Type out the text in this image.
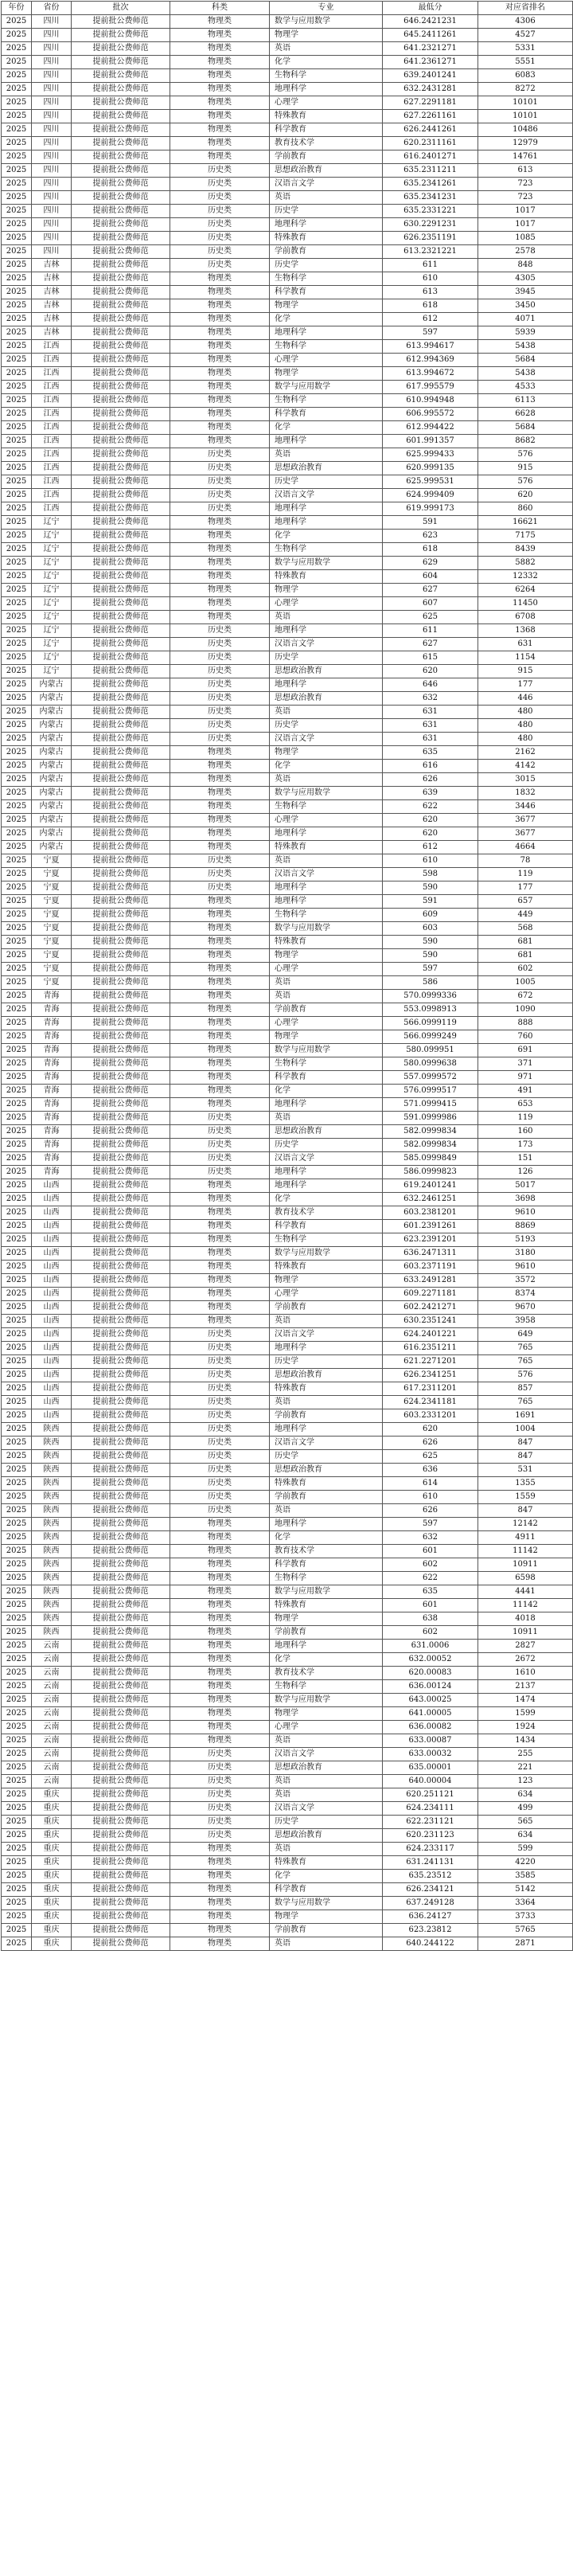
年份	省份	批次	科类	专业	最低分	对应省排名
2025	四川	提前批公费师范	物理类	数学与应用数学	646.2421231	4306
2025	四川	提前批公费师范	物理类	物理学	645.2411261	4527
2025	四川	提前批公费师范	物理类	英语	641.2321271	5331
2025	四川	提前批公费师范	物理类	化学	641.2361271	5551
2025	四川	提前批公费师范	物理类	生物科学	639.2401241	6083
2025	四川	提前批公费师范	物理类	地理科学	632.2431281	8272
2025	四川	提前批公费师范	物理类	心理学	627.2291181	10101
2025	四川	提前批公费师范	物理类	特殊教育	627.2261161	10101
2025	四川	提前批公费师范	物理类	科学教育	626.2441261	10486
2025	四川	提前批公费师范	物理类	教育技术学	620.2311161	12979
2025	四川	提前批公费师范	物理类	学前教育	616.2401271	14761
2025	四川	提前批公费师范	历史类	思想政治教育	635.2311211	613
2025	四川	提前批公费师范	历史类	汉语言文学	635.2341261	723
2025	四川	提前批公费师范	历史类	英语	635.2341231	723
2025	四川	提前批公费师范	历史类	历史学	635.2331221	1017
2025	四川	提前批公费师范	历史类	地理科学	630.2291231	1017
2025	四川	提前批公费师范	历史类	特殊教育	626.2351191	1085
2025	四川	提前批公费师范	历史类	学前教育	613.2321221	2578
2025	吉林	提前批公费师范	历史类	历史学	611	848
2025	吉林	提前批公费师范	物理类	生物科学	610	4305
2025	吉林	提前批公费师范	物理类	科学教育	613	3945
2025	吉林	提前批公费师范	物理类	物理学	618	3450
2025	吉林	提前批公费师范	物理类	化学	612	4071
2025	吉林	提前批公费师范	物理类	地理科学	597	5939
2025	江西	提前批公费师范	物理类	生物科学	613.994617	5438
2025	江西	提前批公费师范	物理类	心理学	612.994369	5684
2025	江西	提前批公费师范	物理类	物理学	613.994672	5438
2025	江西	提前批公费师范	物理类	数学与应用数学	617.995579	4533
2025	江西	提前批公费师范	物理类	生物科学	610.994948	6113
2025	江西	提前批公费师范	物理类	科学教育	606.995572	6628
2025	江西	提前批公费师范	物理类	化学	612.994422	5684
2025	江西	提前批公费师范	物理类	地理科学	601.991357	8682
2025	江西	提前批公费师范	历史类	英语	625.999433	576
2025	江西	提前批公费师范	历史类	思想政治教育	620.999135	915
2025	江西	提前批公费师范	历史类	历史学	625.999531	576
2025	江西	提前批公费师范	历史类	汉语言文学	624.999409	620
2025	江西	提前批公费师范	历史类	地理科学	619.999173	860
2025	辽宁	提前批公费师范	物理类	地理科学	591	16621
2025	辽宁	提前批公费师范	物理类	化学	623	7175
2025	辽宁	提前批公费师范	物理类	生物科学	618	8439
2025	辽宁	提前批公费师范	物理类	数学与应用数学	629	5882
2025	辽宁	提前批公费师范	物理类	特殊教育	604	12332
2025	辽宁	提前批公费师范	物理类	物理学	627	6264
2025	辽宁	提前批公费师范	物理类	心理学	607	11450
2025	辽宁	提前批公费师范	物理类	英语	625	6708
2025	辽宁	提前批公费师范	历史类	地理科学	611	1368
2025	辽宁	提前批公费师范	历史类	汉语言文学	627	631
2025	辽宁	提前批公费师范	历史类	历史学	615	1154
2025	辽宁	提前批公费师范	历史类	思想政治教育	620	915
2025	内蒙古	提前批公费师范	历史类	地理科学	646	177
2025	内蒙古	提前批公费师范	历史类	思想政治教育	632	446
2025	内蒙古	提前批公费师范	历史类	英语	631	480
2025	内蒙古	提前批公费师范	历史类	历史学	631	480
2025	内蒙古	提前批公费师范	历史类	汉语言文学	631	480
2025	内蒙古	提前批公费师范	物理类	物理学	635	2162
2025	内蒙古	提前批公费师范	物理类	化学	616	4142
2025	内蒙古	提前批公费师范	物理类	英语	626	3015
2025	内蒙古	提前批公费师范	物理类	数学与应用数学	639	1832
2025	内蒙古	提前批公费师范	物理类	生物科学	622	3446
2025	内蒙古	提前批公费师范	物理类	心理学	620	3677
2025	内蒙古	提前批公费师范	物理类	地理科学	620	3677
2025	内蒙古	提前批公费师范	物理类	特殊教育	612	4664
2025	宁夏	提前批公费师范	历史类	英语	610	78
2025	宁夏	提前批公费师范	历史类	汉语言文学	598	119
2025	宁夏	提前批公费师范	历史类	地理科学	590	177
2025	宁夏	提前批公费师范	物理类	地理科学	591	657
2025	宁夏	提前批公费师范	物理类	生物科学	609	449
2025	宁夏	提前批公费师范	物理类	数学与应用数学	603	568
2025	宁夏	提前批公费师范	物理类	特殊教育	590	681
2025	宁夏	提前批公费师范	物理类	物理学	590	681
2025	宁夏	提前批公费师范	物理类	心理学	597	602
2025	宁夏	提前批公费师范	物理类	英语	586	1005
2025	青海	提前批公费师范	物理类	英语	570.0999336	672
2025	青海	提前批公费师范	物理类	学前教育	553.0998913	1090
2025	青海	提前批公费师范	物理类	心理学	566.0999119	888
2025	青海	提前批公费师范	物理类	物理学	566.0999249	760
2025	青海	提前批公费师范	物理类	数学与应用数学	580.099951	691
2025	青海	提前批公费师范	物理类	生物科学	580.0999638	371
2025	青海	提前批公费师范	物理类	科学教育	557.0999572	971
2025	青海	提前批公费师范	物理类	化学	576.0999517	491
2025	青海	提前批公费师范	物理类	地理科学	571.0999415	653
2025	青海	提前批公费师范	历史类	英语	591.0999986	119
2025	青海	提前批公费师范	历史类	思想政治教育	582.0999834	160
2025	青海	提前批公费师范	历史类	历史学	582.0999834	173
2025	青海	提前批公费师范	历史类	汉语言文学	585.0999849	151
2025	青海	提前批公费师范	历史类	地理科学	586.0999823	126
2025	山西	提前批公费师范	物理类	地理科学	619.2401241	5017
2025	山西	提前批公费师范	物理类	化学	632.2461251	3698
2025	山西	提前批公费师范	物理类	教育技术学	603.2381201	9610
2025	山西	提前批公费师范	物理类	科学教育	601.2391261	8869
2025	山西	提前批公费师范	物理类	生物科学	623.2391201	5193
2025	山西	提前批公费师范	物理类	数学与应用数学	636.2471311	3180
2025	山西	提前批公费师范	物理类	特殊教育	603.2371191	9610
2025	山西	提前批公费师范	物理类	物理学	633.2491281	3572
2025	山西	提前批公费师范	物理类	心理学	609.2271181	8374
2025	山西	提前批公费师范	物理类	学前教育	602.2421271	9670
2025	山西	提前批公费师范	物理类	英语	630.2351241	3958
2025	山西	提前批公费师范	历史类	汉语言文学	624.2401221	649
2025	山西	提前批公费师范	历史类	地理科学	616.2351211	765
2025	山西	提前批公费师范	历史类	历史学	621.2271201	765
2025	山西	提前批公费师范	历史类	思想政治教育	626.2341251	576
2025	山西	提前批公费师范	历史类	特殊教育	617.2311201	857
2025	山西	提前批公费师范	历史类	英语	624.2341181	765
2025	山西	提前批公费师范	历史类	学前教育	603.2331201	1691
2025	陕西	提前批公费师范	历史类	地理科学	620	1004
2025	陕西	提前批公费师范	历史类	汉语言文学	626	847
2025	陕西	提前批公费师范	历史类	历史学	625	847
2025	陕西	提前批公费师范	历史类	思想政治教育	636	531
2025	陕西	提前批公费师范	历史类	特殊教育	614	1355
2025	陕西	提前批公费师范	历史类	学前教育	610	1559
2025	陕西	提前批公费师范	历史类	英语	626	847
2025	陕西	提前批公费师范	物理类	地理科学	597	12142
2025	陕西	提前批公费师范	物理类	化学	632	4911
2025	陕西	提前批公费师范	物理类	教育技术学	601	11142
2025	陕西	提前批公费师范	物理类	科学教育	602	10911
2025	陕西	提前批公费师范	物理类	生物科学	622	6598
2025	陕西	提前批公费师范	物理类	数学与应用数学	635	4441
2025	陕西	提前批公费师范	物理类	特殊教育	601	11142
2025	陕西	提前批公费师范	物理类	物理学	638	4018
2025	陕西	提前批公费师范	物理类	学前教育	602	10911
2025	云南	提前批公费师范	物理类	地理科学	631.0006	2827
2025	云南	提前批公费师范	物理类	化学	632.00052	2672
2025	云南	提前批公费师范	物理类	教育技术学	620.00083	1610
2025	云南	提前批公费师范	物理类	生物科学	636.00124	2137
2025	云南	提前批公费师范	物理类	数学与应用数学	643.00025	1474
2025	云南	提前批公费师范	物理类	物理学	641.00005	1599
2025	云南	提前批公费师范	物理类	心理学	636.00082	1924
2025	云南	提前批公费师范	物理类	英语	633.00087	1434
2025	云南	提前批公费师范	历史类	汉语言文学	633.00032	255
2025	云南	提前批公费师范	历史类	思想政治教育	635.00001	221
2025	云南	提前批公费师范	历史类	英语	640.00004	123
2025	重庆	提前批公费师范	历史类	英语	620.251121	634
2025	重庆	提前批公费师范	历史类	汉语言文学	624.234111	499
2025	重庆	提前批公费师范	历史类	历史学	622.231121	565
2025	重庆	提前批公费师范	历史类	思想政治教育	620.231123	634
2025	重庆	提前批公费师范	物理类	英语	624.233117	599
2025	重庆	提前批公费师范	物理类	特殊教育	631.241131	4220
2025	重庆	提前批公费师范	物理类	化学	635.23512	3585
2025	重庆	提前批公费师范	物理类	科学教育	626.234121	5142
2025	重庆	提前批公费师范	物理类	数学与应用数学	637.249128	3364
2025	重庆	提前批公费师范	物理类	物理学	636.24127	3733
2025	重庆	提前批公费师范	物理类	学前教育	623.23812	5765
2025	重庆	提前批公费师范	物理类	英语	640.244122	2871
